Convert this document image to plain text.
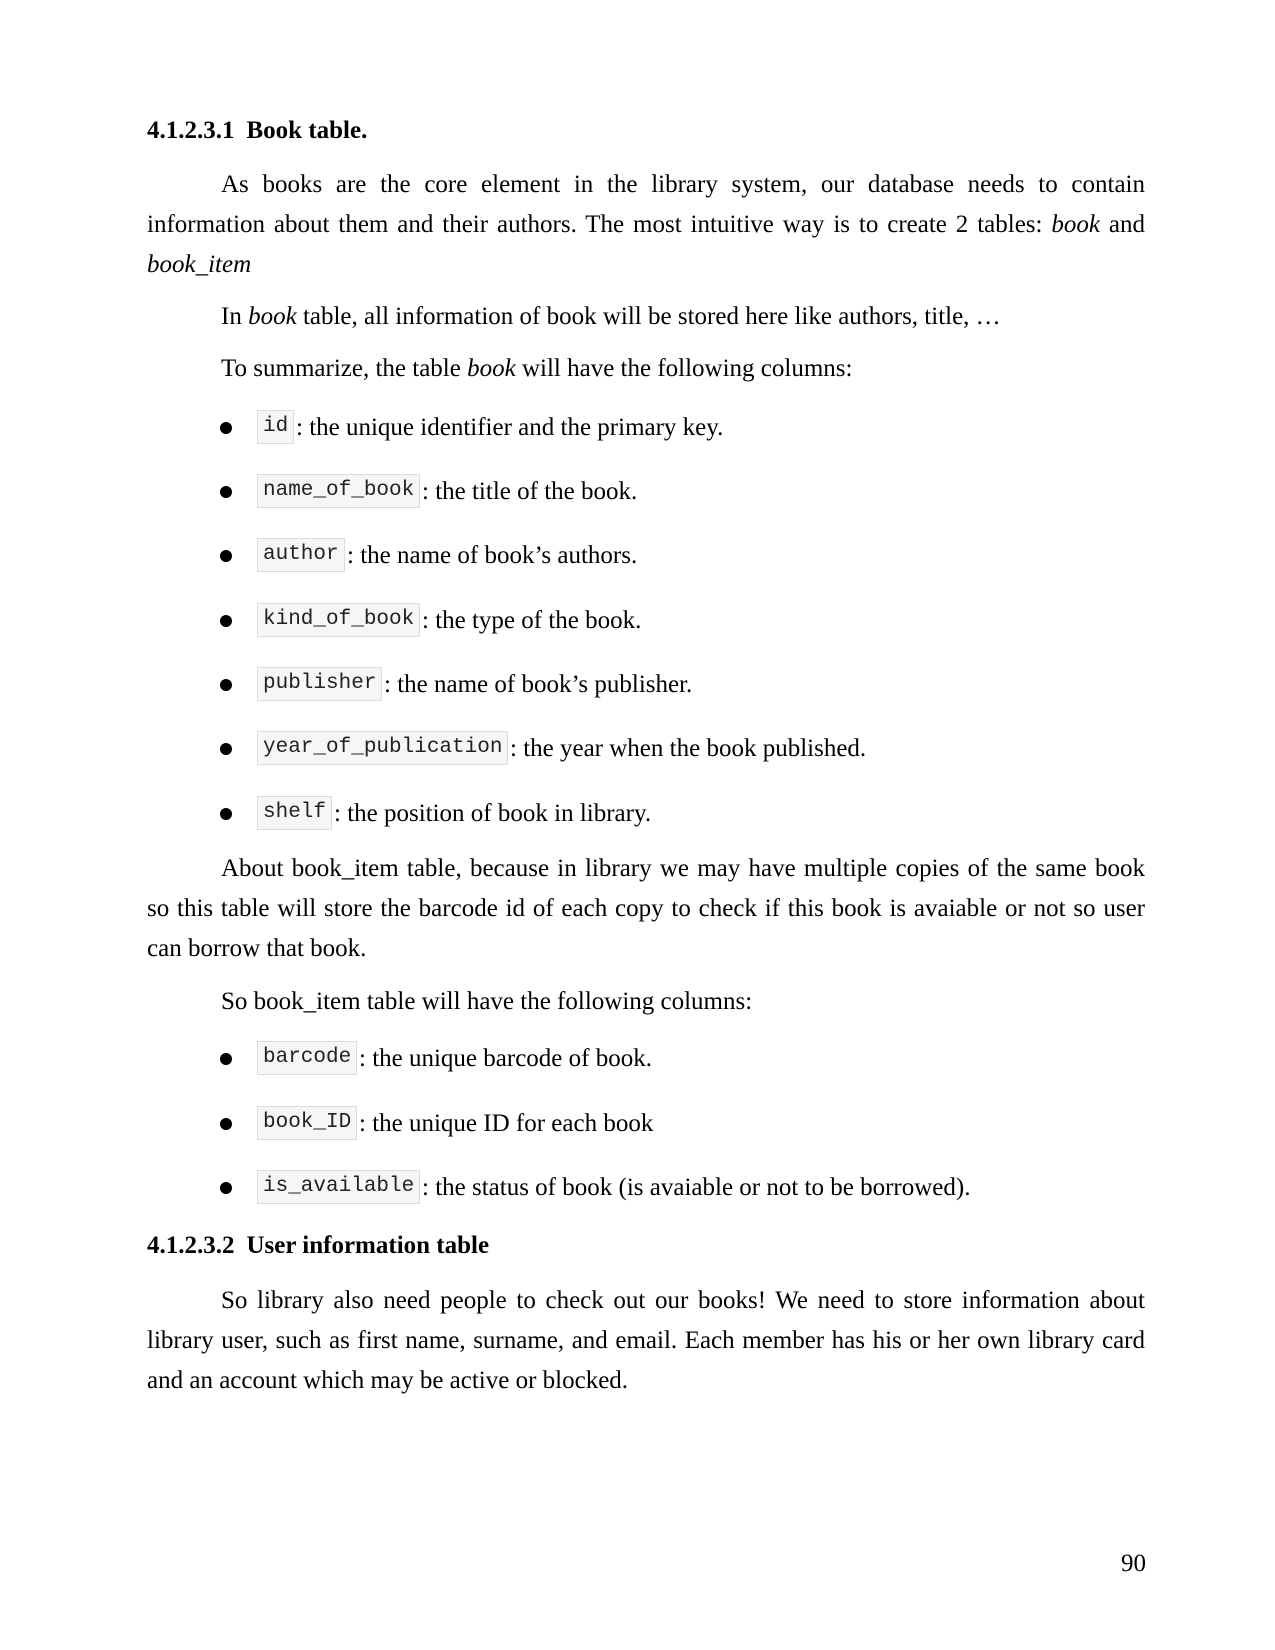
4.1.2.3.1 Book table.
As books are the core element in the library system, our database needs to contain information about them and their authors. The most intuitive way is to create 2 tables: book and book_item
In book table, all information of book will be stored here like authors, title, …
To summarize, the table book will have the following columns:
id : the unique identifier and the primary key.
name_of_book : the title of the book.
author : the name of book’s authors.
kind_of_book : the type of the book.
publisher : the name of book’s publisher.
year_of_publication : the year when the book published.
shelf : the position of book in library.
About book_item table, because in library we may have multiple copies of the same book so this table will store the barcode id of each copy to check if this book is avaiable or not so user can borrow that book.
So book_item table will have the following columns:
barcode : the unique barcode of book.
book_ID : the unique ID for each book
is_available : the status of book (is avaiable or not to be borrowed).
4.1.2.3.2 User information table
So library also need people to check out our books! We need to store information about library user, such as first name, surname, and email. Each member has his or her own library card and an account which may be active or blocked.
90
